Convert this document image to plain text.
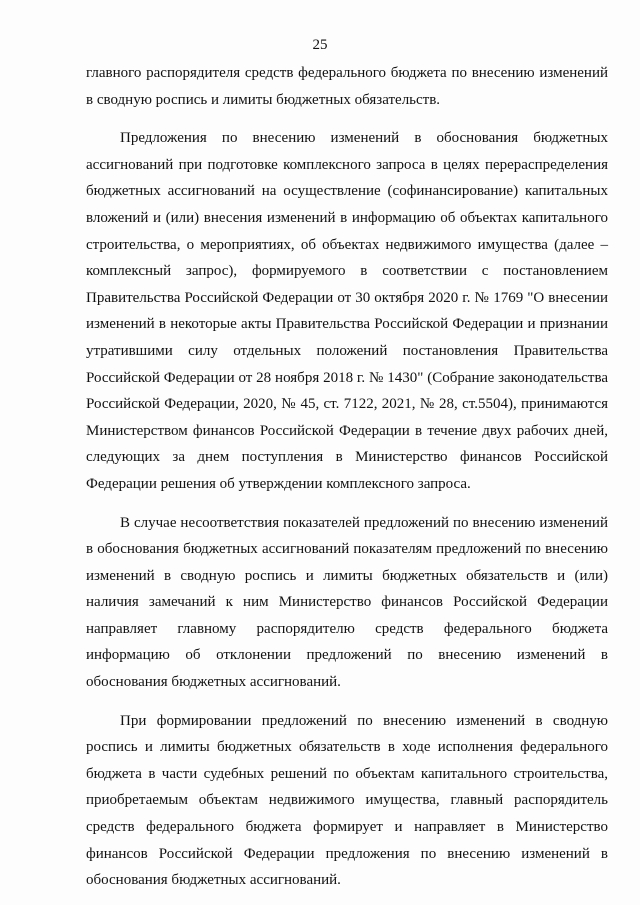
25

главного распорядителя средств федерального бюджета по внесению изменений в сводную роспись и лимиты бюджетных обязательств.

Предложения по внесению изменений в обоснования бюджетных ассигнований при подготовке комплексного запроса в целях перераспределения бюджетных ассигнований на осуществление (софинансирование) капитальных вложений и (или) внесения изменений в информацию об объектах капитального строительства, о мероприятиях, об объектах недвижимого имущества (далее – комплексный запрос), формируемого в соответствии с постановлением Правительства Российской Федерации от 30 октября 2020 г. № 1769 "О внесении изменений в некоторые акты Правительства Российской Федерации и признании утратившими силу отдельных положений постановления Правительства Российской Федерации от 28 ноября 2018 г. № 1430" (Собрание законодательства Российской Федерации, 2020, № 45, ст. 7122, 2021, № 28, ст.5504), принимаются Министерством финансов Российской Федерации в течение двух рабочих дней, следующих за днем поступления в Министерство финансов Российской Федерации решения об утверждении комплексного запроса.

В случае несоответствия показателей предложений по внесению изменений в обоснования бюджетных ассигнований показателям предложений по внесению изменений в сводную роспись и лимиты бюджетных обязательств и (или) наличия замечаний к ним Министерство финансов Российской Федерации направляет главному распорядителю средств федерального бюджета информацию об отклонении предложений по внесению изменений в обоснования бюджетных ассигнований.

При формировании предложений по внесению изменений в сводную роспись и лимиты бюджетных обязательств в ходе исполнения федерального бюджета в части судебных решений по объектам капитального строительства, приобретаемым объектам недвижимого имущества, главный распорядитель средств федерального бюджета формирует и направляет в Министерство финансов Российской Федерации предложения по внесению изменений в обоснования бюджетных ассигнований.
